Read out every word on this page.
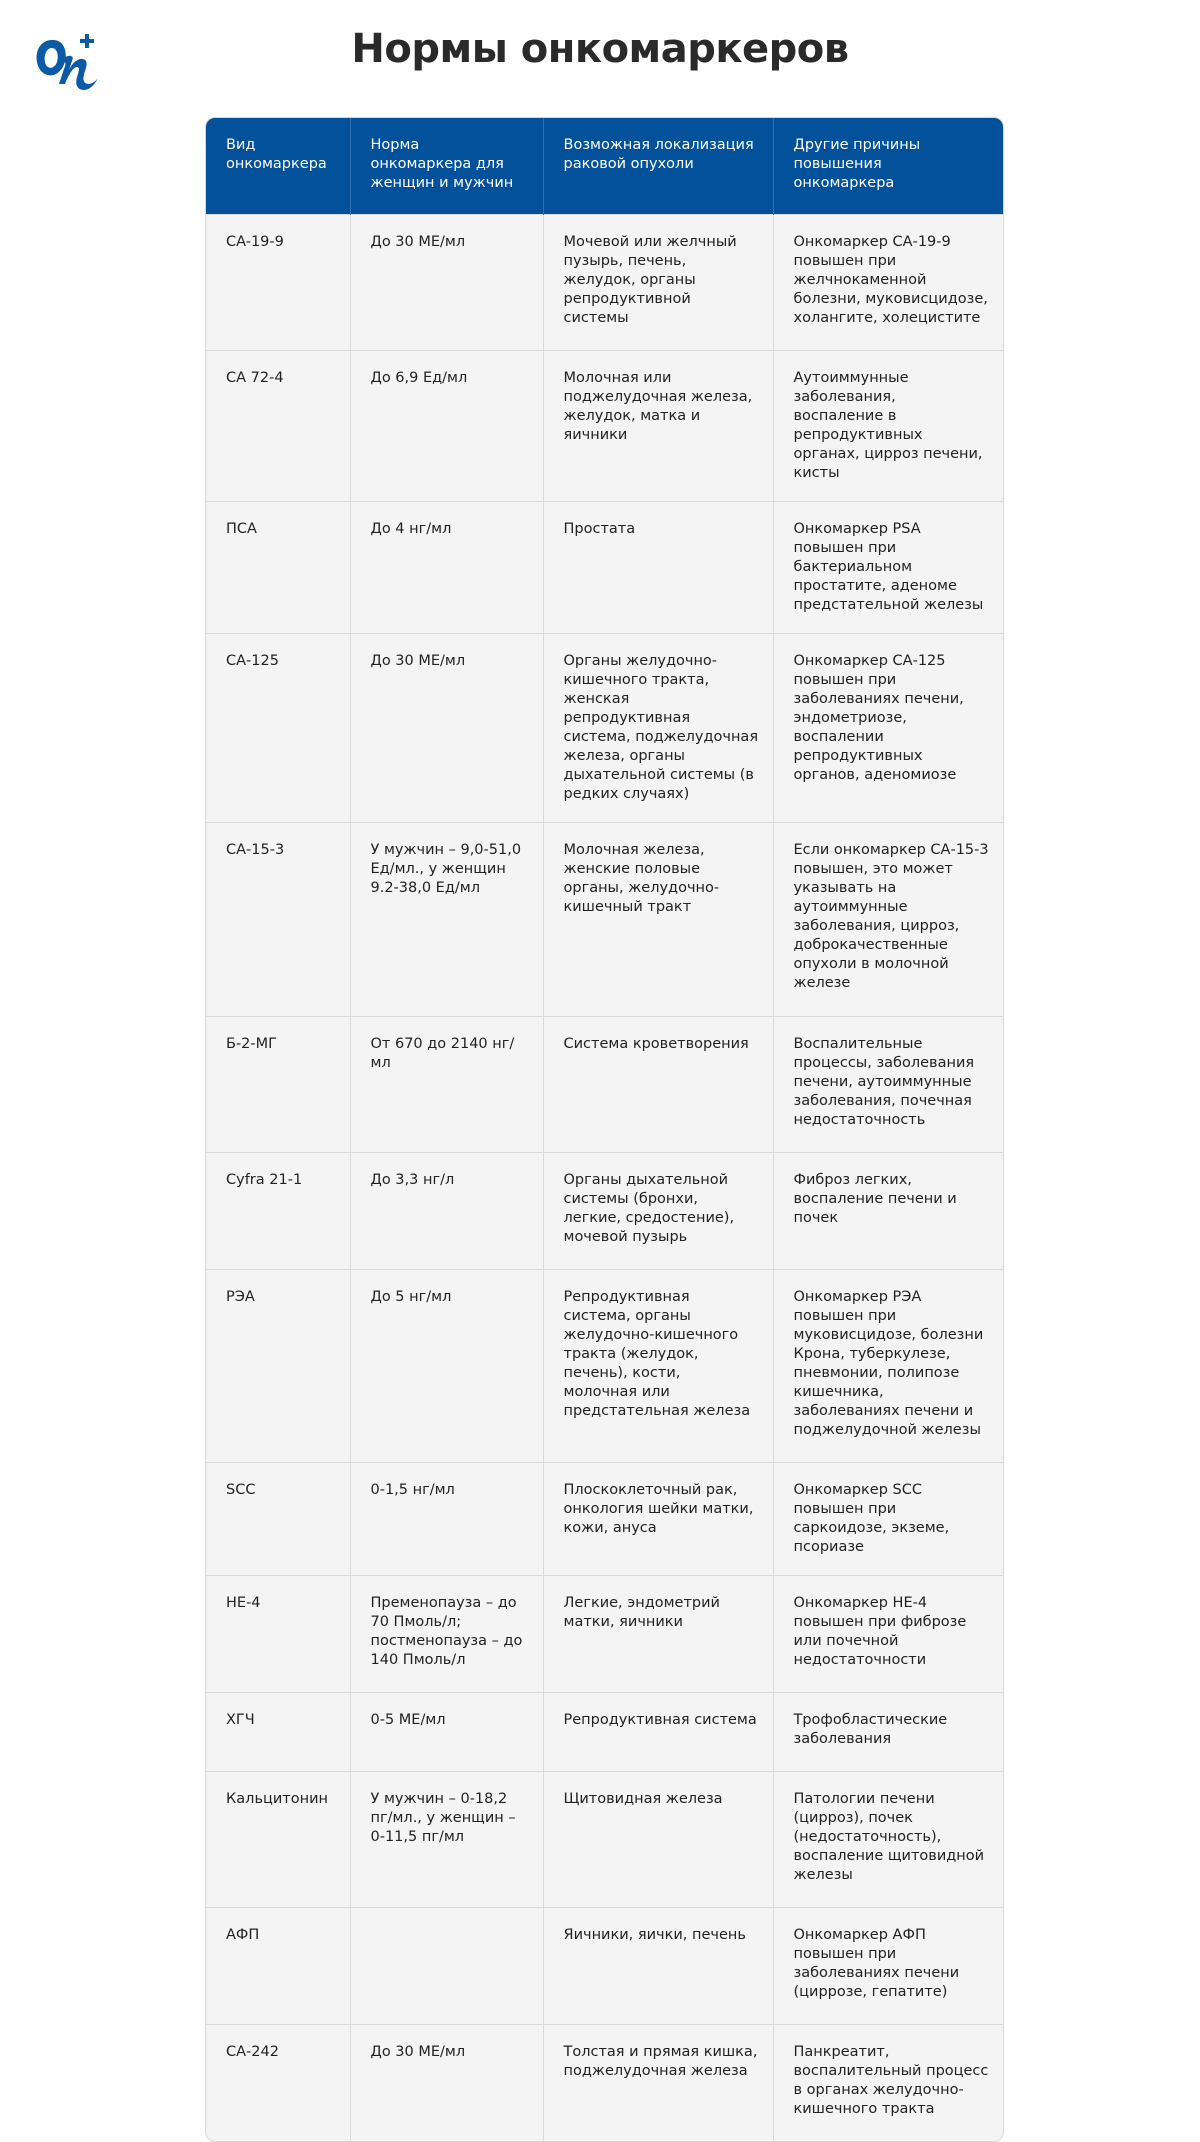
Нормы онкомаркеров
Вид онкомаркера	Норма онкомаркера для женщин и мужчин	Возможная локализация раковой опухоли	Другие причины повышения онкомаркера
CA-19-9	До 30 МЕ/мл	Мочевой или желчный пузырь, печень, желудок, органы репродуктивной системы	Онкомаркер СА-19-9 повышен при желчнокаменной болезни, муковисцидозе, холангите, холецистите
СА 72-4	До 6,9 Ед/мл	Молочная или поджелудочная железа, желудок, матка и яичники	Аутоиммунные заболевания, воспаление в репродуктивных органах, цирроз печени, кисты
ПСА	До 4 нг/мл	Простата	Онкомаркер PSA повышен при бактериальном простатите, аденоме предстательной железы
СА-125	До 30 МЕ/мл	Органы желудочно-кишечного тракта, женская репродуктивная система, поджелудочная железа, органы дыхательной системы (в редких случаях)	Онкомаркер СА-125 повышен при заболеваниях печени, эндометриозе, воспалении репродуктивных органов, аденомиозе
СА-15-3	У мужчин – 9,0-51,0 Ед/мл., у женщин 9.2-38,0 Ед/мл	Молочная железа, женские половые органы, желудочно-кишечный тракт	Если онкомаркер СА-15-3 повышен, это может указывать на аутоиммунные заболевания, цирроз, доброкачественные опухоли в молочной железе
Б-2-МГ	От 670 до 2140 нг/мл	Система кроветворения	Воспалительные процессы, заболевания печени, аутоиммунные заболевания, почечная недостаточность
Cyfra 21-1	До 3,3 нг/л	Органы дыхательной системы (бронхи, легкие, средостение), мочевой пузырь	Фиброз легких, воспаление печени и почек
РЭА	До 5 нг/мл	Репродуктивная система, органы желудочно-кишечного тракта (желудок, печень), кости, молочная или предстательная железа	Онкомаркер РЭА повышен при муковисцидозе, болезни Крона, туберкулезе, пневмонии, полипозе кишечника, заболеваниях печени и поджелудочной железы
SCC	0-1,5 нг/мл	Плоскоклеточный рак, онкология шейки матки, кожи, ануса	Онкомаркер SCC повышен при саркоидозе, экземе, псориазе
НЕ-4	Пременопауза – до 70 Пмоль/л; постменопауза – до 140 Пмоль/л	Легкие, эндометрий матки, яичники	Онкомаркер НЕ-4 повышен при фиброзе или почечной недостаточности
ХГЧ	0-5 МЕ/мл	Репродуктивная система	Трофобластические заболевания
Кальцитонин	У мужчин – 0-18,2 пг/мл., у женщин – 0-11,5 пг/мл	Щитовидная железа	Патологии печени (цирроз), почек (недостаточность), воспаление щитовидной железы
АФП		Яичники, яички, печень	Онкомаркер АФП повышен при заболеваниях печени (циррозе, гепатите)
СА-242	До 30 МЕ/мл	Толстая и прямая кишка, поджелудочная железа	Панкреатит, воспалительный процесс в органах желудочно-кишечного тракта
